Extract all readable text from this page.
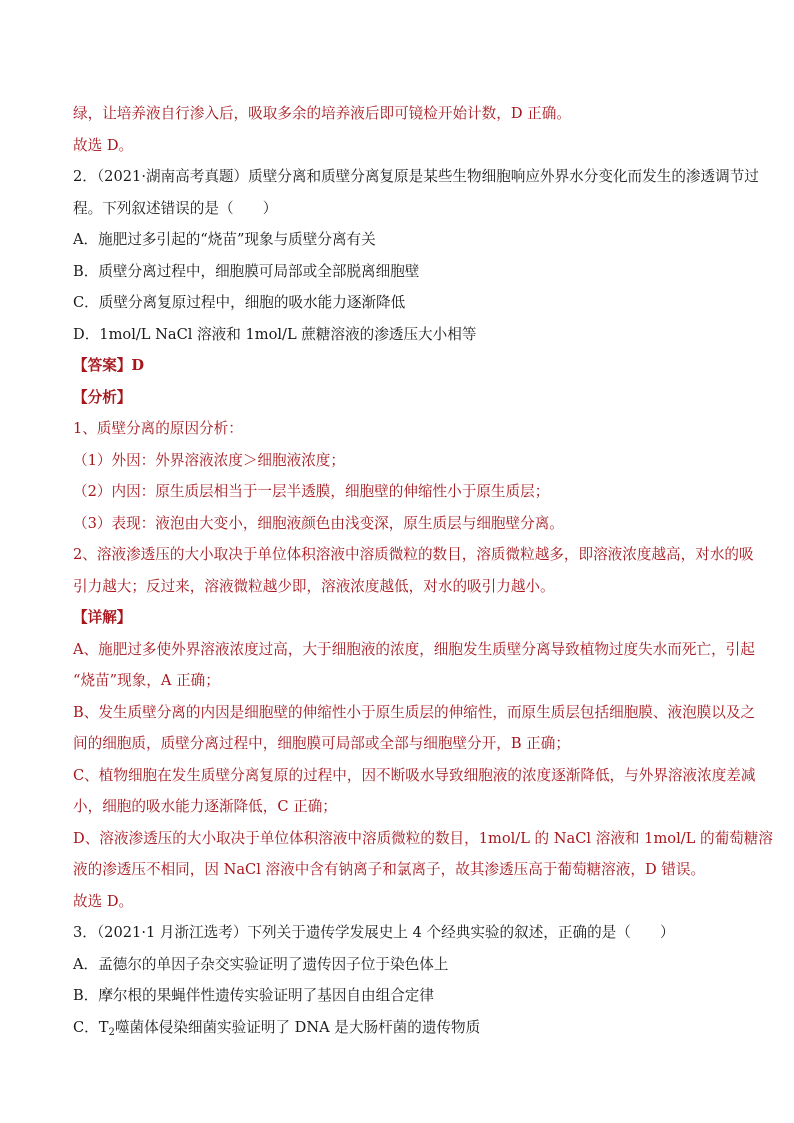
绿，让培养液自行渗入后，吸取多余的培养液后即可镜检开始计数，D 正确。
故选 D。
2．（2021·湖南高考真题）质壁分离和质壁分离复原是某些生物细胞响应外界水分变化而发生的渗透调节过
程。下列叙述错误的是（　　）
A．施肥过多引起的“烧苗”现象与质壁分离有关
B．质壁分离过程中，细胞膜可局部或全部脱离细胞壁
C．质壁分离复原过程中，细胞的吸水能力逐渐降低
D．1mol/L NaCl 溶液和 1mol/L 蔗糖溶液的渗透压大小相等
【答案】D
【分析】
1、质壁分离的原因分析：
（1）外因：外界溶液浓度＞细胞液浓度；
（2）内因：原生质层相当于一层半透膜，细胞壁的伸缩性小于原生质层；
（3）表现：液泡由大变小，细胞液颜色由浅变深，原生质层与细胞壁分离。
2、溶液渗透压的大小取决于单位体积溶液中溶质微粒的数目，溶质微粒越多，即溶液浓度越高，对水的吸
引力越大；反过来，溶液微粒越少即，溶液浓度越低，对水的吸引力越小。
【详解】
A、施肥过多使外界溶液浓度过高，大于细胞液的浓度，细胞发生质壁分离导致植物过度失水而死亡，引起
“烧苗”现象，A 正确；
B、发生质壁分离的内因是细胞壁的伸缩性小于原生质层的伸缩性，而原生质层包括细胞膜、液泡膜以及之
间的细胞质，质壁分离过程中，细胞膜可局部或全部与细胞壁分开，B 正确；
C、植物细胞在发生质壁分离复原的过程中，因不断吸水导致细胞液的浓度逐渐降低，与外界溶液浓度差减
小，细胞的吸水能力逐渐降低，C 正确；
D、溶液渗透压的大小取决于单位体积溶液中溶质微粒的数目，1mol/L 的 NaCl 溶液和 1mol/L 的葡萄糖溶
液的渗透压不相同，因 NaCl 溶液中含有钠离子和氯离子，故其渗透压高于葡萄糖溶液，D 错误。
故选 D。
3．（2021·1 月浙江选考）下列关于遗传学发展史上 4 个经典实验的叙述，正确的是（　　）
A．孟德尔的单因子杂交实验证明了遗传因子位于染色体上
B．摩尔根的果蝇伴性遗传实验证明了基因自由组合定律
C．$T_2$噬菌体侵染细菌实验证明了 DNA 是大肠杆菌的遗传物质
